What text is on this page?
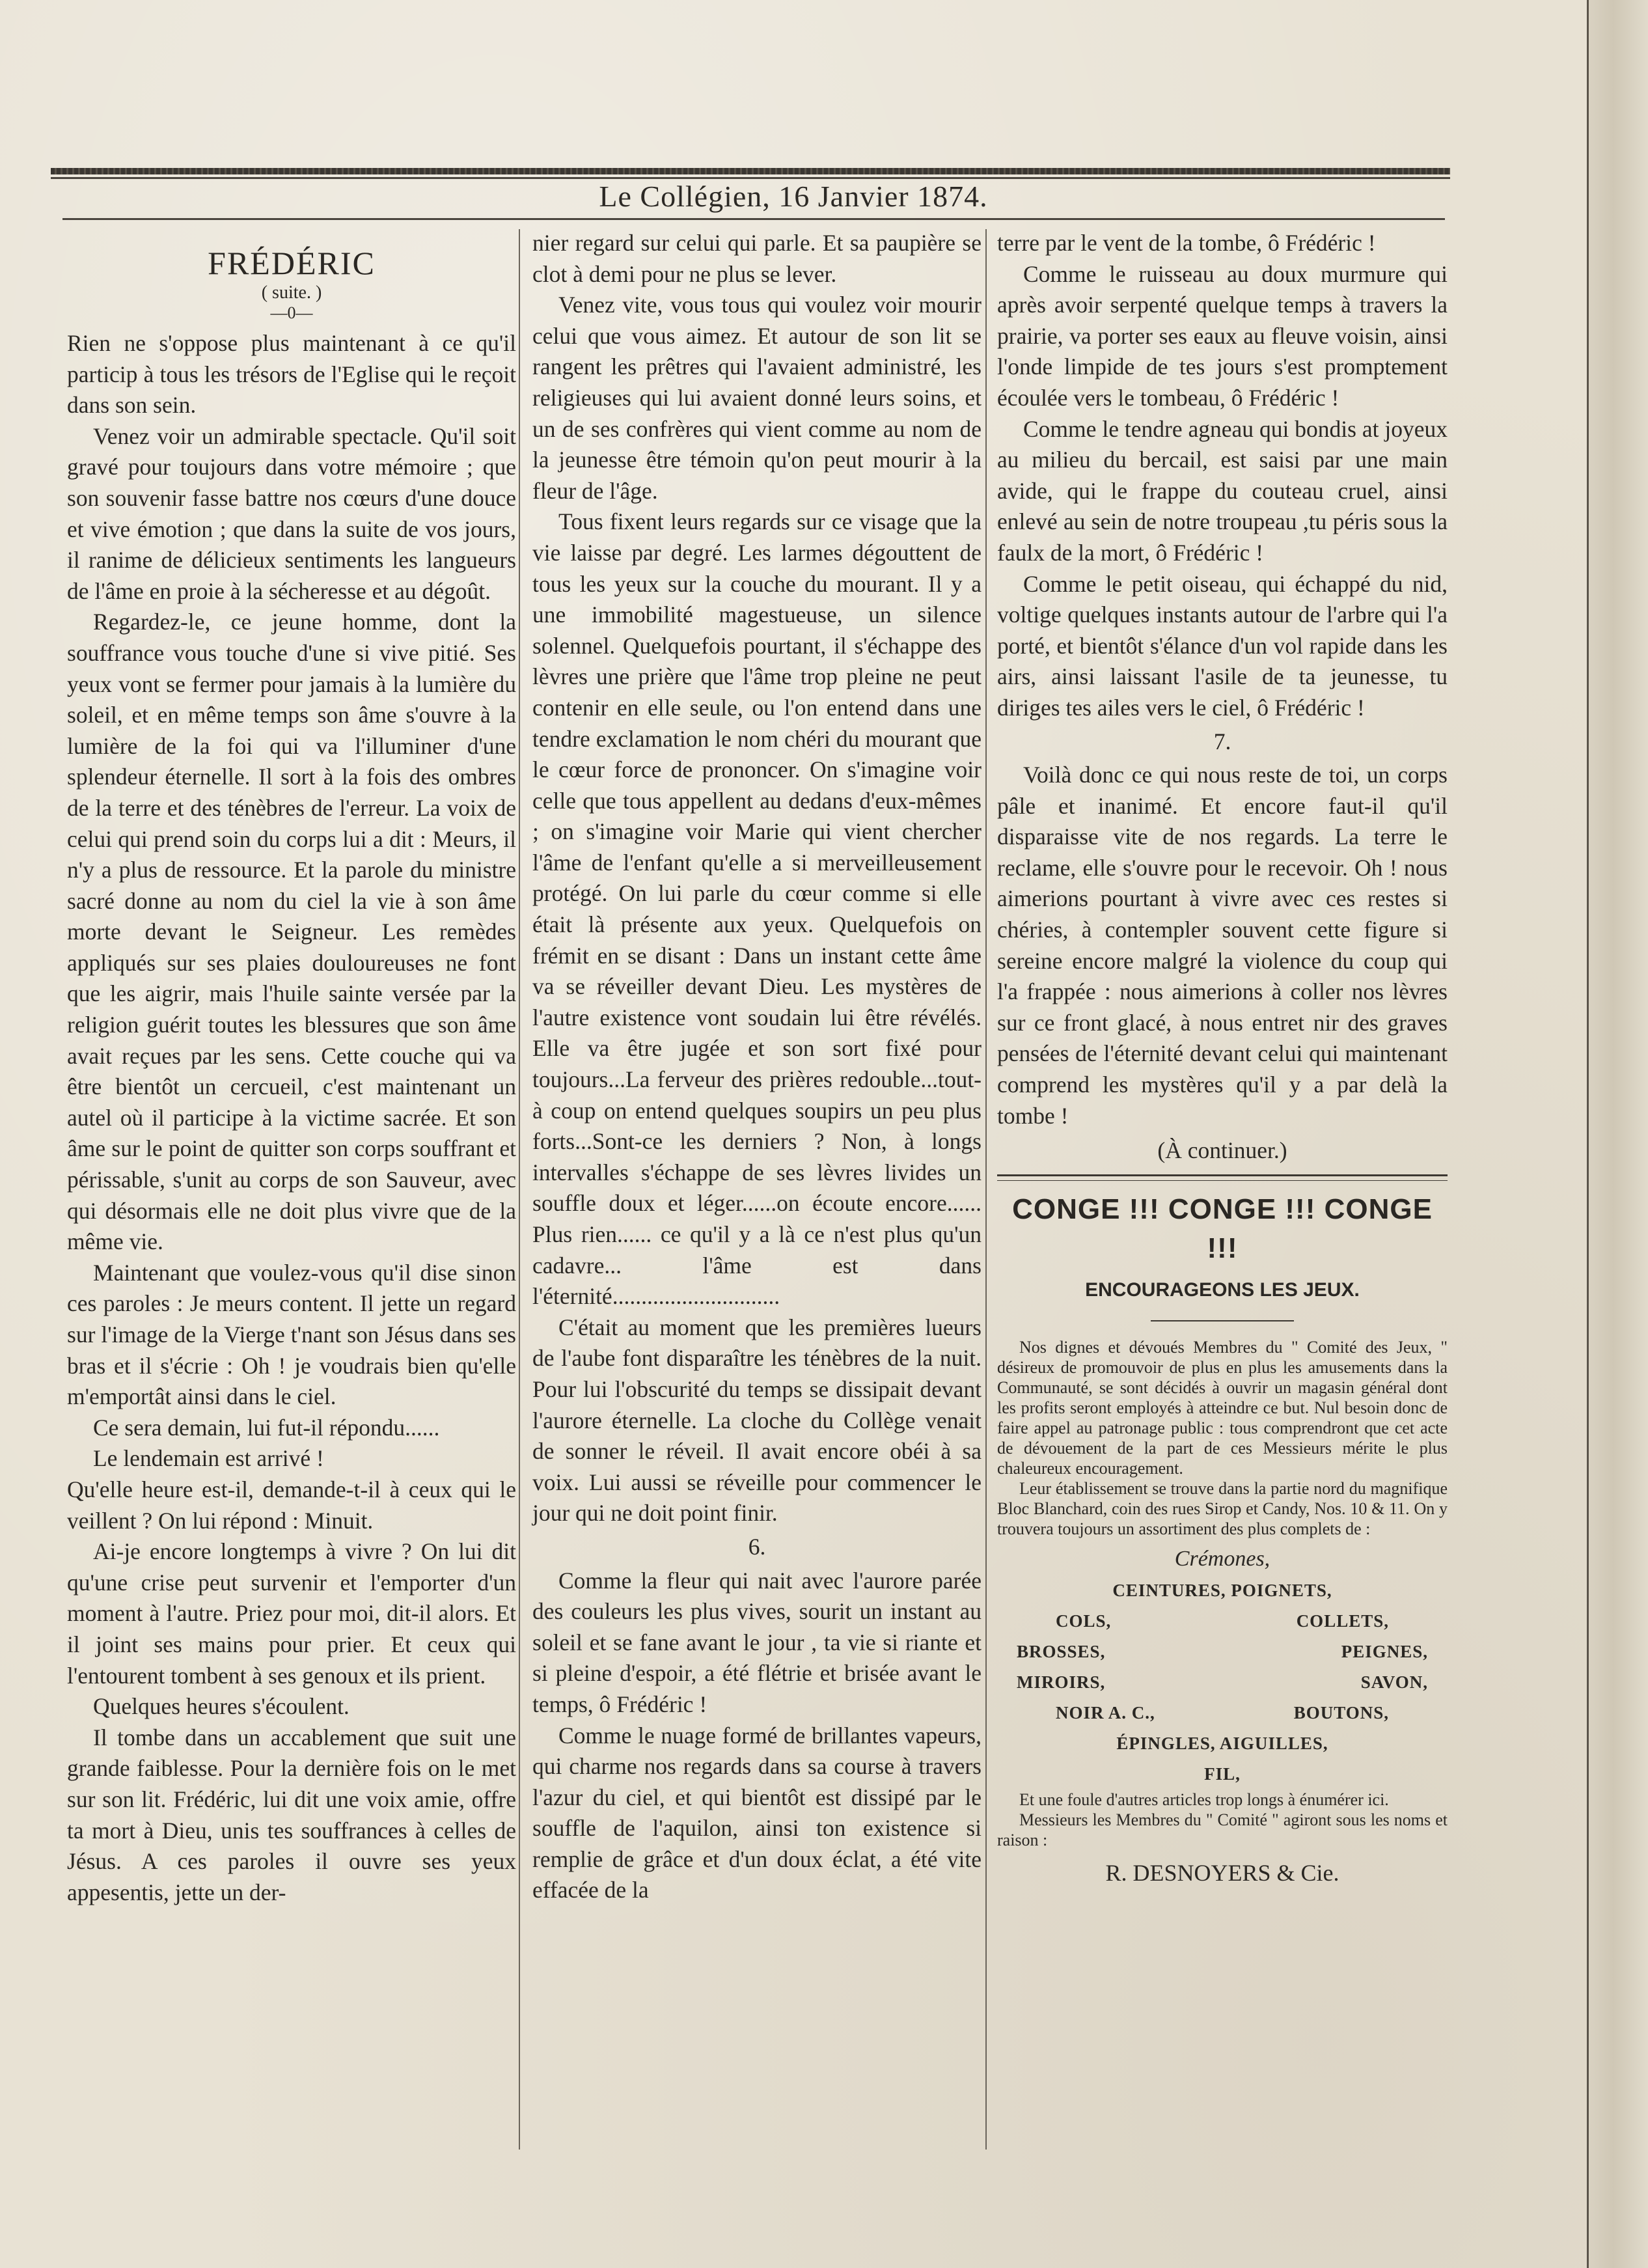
Le Collégien, 16 Janvier 1874.
FRÉDÉRIC
( suite. )
—0—

Rien ne s'oppose plus maintenant à ce qu'il particip à tous les trésors de l'Eglise qui le reçoit dans son sein.

Venez voir un admirable spectacle. Qu'il soit gravé pour toujours dans votre mémoire ; que son souvenir fasse battre nos cœurs d'une douce et vive émotion ; que dans la suite de vos jours, il ranime de délicieux sentiments les langueurs de l'âme en proie à la sécheresse et au dégoût.

Regardez-le, ce jeune homme, dont la souffrance vous touche d'une si vive pitié. Ses yeux vont se fermer pour jamais à la lumière du soleil, et en même temps son âme s'ouvre à la lumière de la foi qui va l'illuminer d'une splendeur éternelle. Il sort à la fois des ombres de la terre et des ténèbres de l'erreur. La voix de celui qui prend soin du corps lui a dit : Meurs, il n'y a plus de ressource. Et la parole du ministre sacré donne au nom du ciel la vie à son âme morte devant le Seigneur. Les remèdes appliqués sur ses plaies douloureuses ne font que les aigrir, mais l'huile sainte versée par la religion guérit toutes les blessures que son âme avait reçues par les sens. Cette couche qui va être bientôt un cercueil, c'est maintenant un autel où il participe à la victime sacrée. Et son âme sur le point de quitter son corps souffrant et périssable, s'unit au corps de son Sauveur, avec qui désormais elle ne doit plus vivre que de la même vie.

Maintenant que voulez-vous qu'il dise sinon ces paroles : Je meurs content. Il jette un regard sur l'image de la Vierge t'nant son Jésus dans ses bras et il s'écrie : Oh ! je voudrais bien qu'elle m'emportât ainsi dans le ciel.

Ce sera demain, lui fut-il répondu......

Le lendemain est arrivé !

Qu'elle heure est-il, demande-t-il à ceux qui le veillent ? On lui répond : Minuit.

Ai-je encore longtemps à vivre ? On lui dit qu'une crise peut survenir et l'emporter d'un moment à l'autre. Priez pour moi, dit-il alors. Et il joint ses mains pour prier. Et ceux qui l'entourent tombent à ses genoux et ils prient.

Quelques heures s'écoulent.

Il tombe dans un accablement que suit une grande faiblesse. Pour la dernière fois on le met sur son lit. Frédéric, lui dit une voix amie, offre ta mort à Dieu, unis tes souffrances à celles de Jésus. A ces paroles il ouvre ses yeux appesentis, jette un der-

nier regard sur celui qui parle. Et sa paupière se clot à demi pour ne plus se lever.

Venez vite, vous tous qui voulez voir mourir celui que vous aimez. Et autour de son lit se rangent les prêtres qui l'avaient administré, les religieuses qui lui avaient donné leurs soins, et un de ses confrères qui vient comme au nom de la jeunesse être témoin qu'on peut mourir à la fleur de l'âge.

Tous fixent leurs regards sur ce visage que la vie laisse par degré. Les larmes dégouttent de tous les yeux sur la couche du mourant. Il y a une immobilité magestueuse, un silence solennel. Quelquefois pourtant, il s'échappe des lèvres une prière que l'âme trop pleine ne peut contenir en elle seule, ou l'on entend dans une tendre exclamation le nom chéri du mourant que le cœur force de prononcer. On s'imagine voir celle que tous appellent au dedans d'eux-mêmes ; on s'imagine voir Marie qui vient chercher l'âme de l'enfant qu'elle a si merveilleusement protégé. On lui parle du cœur comme si elle était là présente aux yeux. Quelquefois on frémit en se disant : Dans un instant cette âme va se réveiller devant Dieu. Les mystères de l'autre existence vont soudain lui être révélés. Elle va être jugée et son sort fixé pour toujours...La ferveur des prières redouble...tout-à coup on entend quelques soupirs un peu plus forts...Sont-ce les derniers ? Non, à longs intervalles s'échappe de ses lèvres livides un souffle doux et léger......on écoute encore...... Plus rien...... ce qu'il y a là ce n'est plus qu'un cadavre... l'âme est dans l'éternité.............................

C'était au moment que les premières lueurs de l'aube font disparaître les ténèbres de la nuit. Pour lui l'obscurité du temps se dissipait devant l'aurore éternelle. La cloche du Collège venait de sonner le réveil. Il avait encore obéi à sa voix. Lui aussi se réveille pour commencer le jour qui ne doit point finir.

6.

Comme la fleur qui nait avec l'aurore parée des couleurs les plus vives, sourit un instant au soleil et se fane avant le jour , ta vie si riante et si pleine d'espoir, a été flétrie et brisée avant le temps, ô Frédéric !

Comme le nuage formé de brillantes vapeurs, qui charme nos regards dans sa course à travers l'azur du ciel, et qui bientôt est dissipé par le souffle de l'aquilon, ainsi ton existence si remplie de grâce et d'un doux éclat, a été vite effacée de la

terre par le vent de la tombe, ô Frédéric !

Comme le ruisseau au doux murmure qui après avoir serpenté quelque temps à travers la prairie, va porter ses eaux au fleuve voisin, ainsi l'onde limpide de tes jours s'est promptement écoulée vers le tombeau, ô Frédéric !

Comme le tendre agneau qui bondis at joyeux au milieu du bercail, est saisi par une main avide, qui le frappe du couteau cruel, ainsi enlevé au sein de notre troupeau ,tu péris sous la faulx de la mort, ô Frédéric !

Comme le petit oiseau, qui échappé du nid, voltige quelques instants autour de l'arbre qui l'a porté, et bientôt s'élance d'un vol rapide dans les airs, ainsi laissant l'asile de ta jeunesse, tu diriges tes ailes vers le ciel, ô Frédéric !

7.

Voilà donc ce qui nous reste de toi, un corps pâle et inanimé. Et encore faut-il qu'il disparaisse vite de nos regards. La terre le reclame, elle s'ouvre pour le recevoir. Oh ! nous aimerions pourtant à vivre avec ces restes si chéries, à contempler souvent cette figure si sereine encore malgré la violence du coup qui l'a frappée : nous aimerions à coller nos lèvres sur ce front glacé, à nous entret nir des graves pensées de l'éternité devant celui qui maintenant comprend les mystères qu'il y a par delà la tombe !

(À continuer.)
CONGE !!! CONGE !!! CONGE !!!
ENCOURAGEONS LES JEUX.

Nos dignes et dévoués Membres du " Comité des Jeux, " désireux de promouvoir de plus en plus les amusements dans la Communauté, se sont décidés à ouvrir un magasin général dont les profits seront employés à atteindre ce but. Nul besoin donc de faire appel au patronage public : tous comprendront que cet acte de dévouement de la part de ces Messieurs mérite le plus chaleureux encouragement.

Leur établissement se trouve dans la partie nord du magnifique Bloc Blanchard, coin des rues Sirop et Candy, Nos. 10 & 11. On y trouvera toujours un assortiment des plus complets de :

Crémones,
CEINTURES, POIGNETS,
COLS,	COLLETS,
BROSSES,	PEIGNES,
MIROIRS,	SAVON,
NOIR A. C.,	BOUTONS,
ÉPINGLES, AIGUILLES,
FIL,

Et une foule d'autres articles trop longs à énumérer ici.

Messieurs les Membres du " Comité " agiront sous les noms et raison :

R. DESNOYERS & Cie.
